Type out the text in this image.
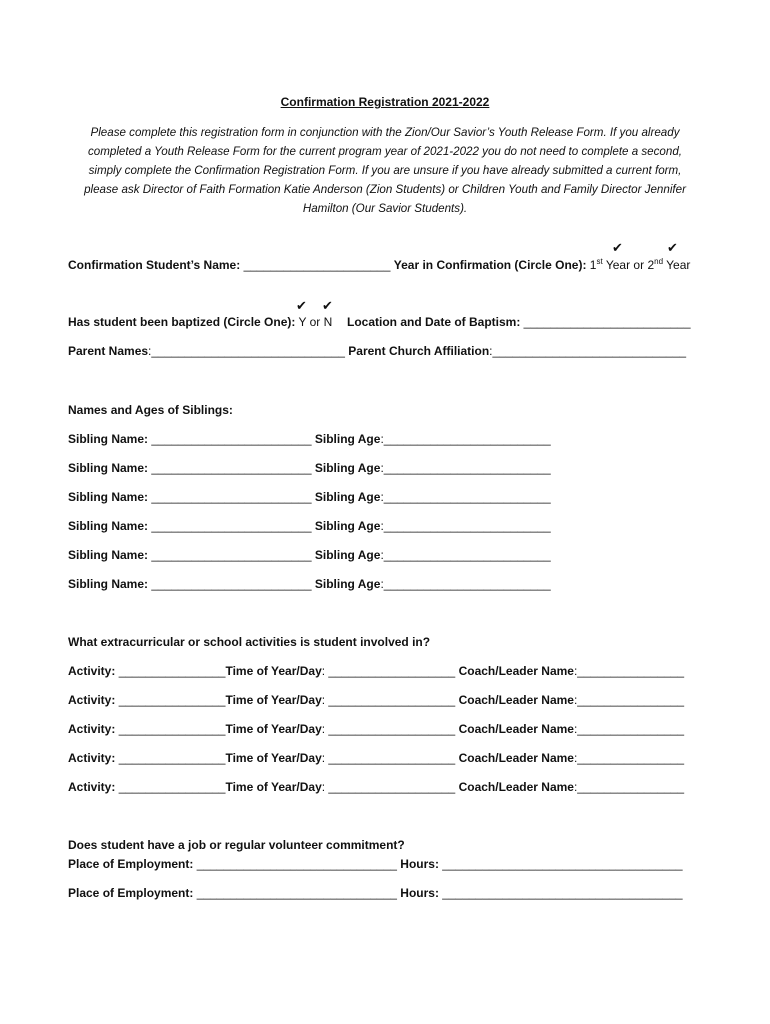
Confirmation Registration 2021-2022
Please complete this registration form in conjunction with the Zion/Our Savior’s Youth Release Form. If you already completed a Youth Release Form for the current program year of 2021-2022 you do not need to complete a second, simply complete the Confirmation Registration Form. If you are unsure if you have already submitted a current form, please ask Director of Faith Formation Katie Anderson (Zion Students) or Children Youth and Family Director Jennifer Hamilton (Our Savior Students).
✔	✔
✔ ✔
Confirmation Student’s Name: ______________________ Year in Confirmation (Circle One): 1st Year or 2nd Year
Has student been baptized (Circle One): Y or N Location and Date of Baptism: _________________________
Parent Names:_____________________________ Parent Church Affiliation:_____________________________
Names and Ages of Siblings:
Sibling Name: ________________________ Sibling Age:_________________________
Sibling Name: ________________________ Sibling Age:_________________________
Sibling Name: ________________________ Sibling Age:_________________________
Sibling Name: ________________________ Sibling Age:_________________________
Sibling Name: ________________________ Sibling Age:_________________________
Sibling Name: ________________________ Sibling Age:_________________________
What extracurricular or school activities is student involved in?
Activity: ________________Time of Year/Day: ___________________ Coach/Leader Name:________________
Activity: ________________Time of Year/Day: ___________________ Coach/Leader Name:________________
Activity: ________________Time of Year/Day: ___________________ Coach/Leader Name:________________
Activity: ________________Time of Year/Day: ___________________ Coach/Leader Name:________________
Activity: ________________Time of Year/Day: ___________________ Coach/Leader Name:________________
Does student have a job or regular volunteer commitment?
Place of Employment: ______________________________ Hours: ____________________________________
Place of Employment: ______________________________ Hours: ____________________________________
